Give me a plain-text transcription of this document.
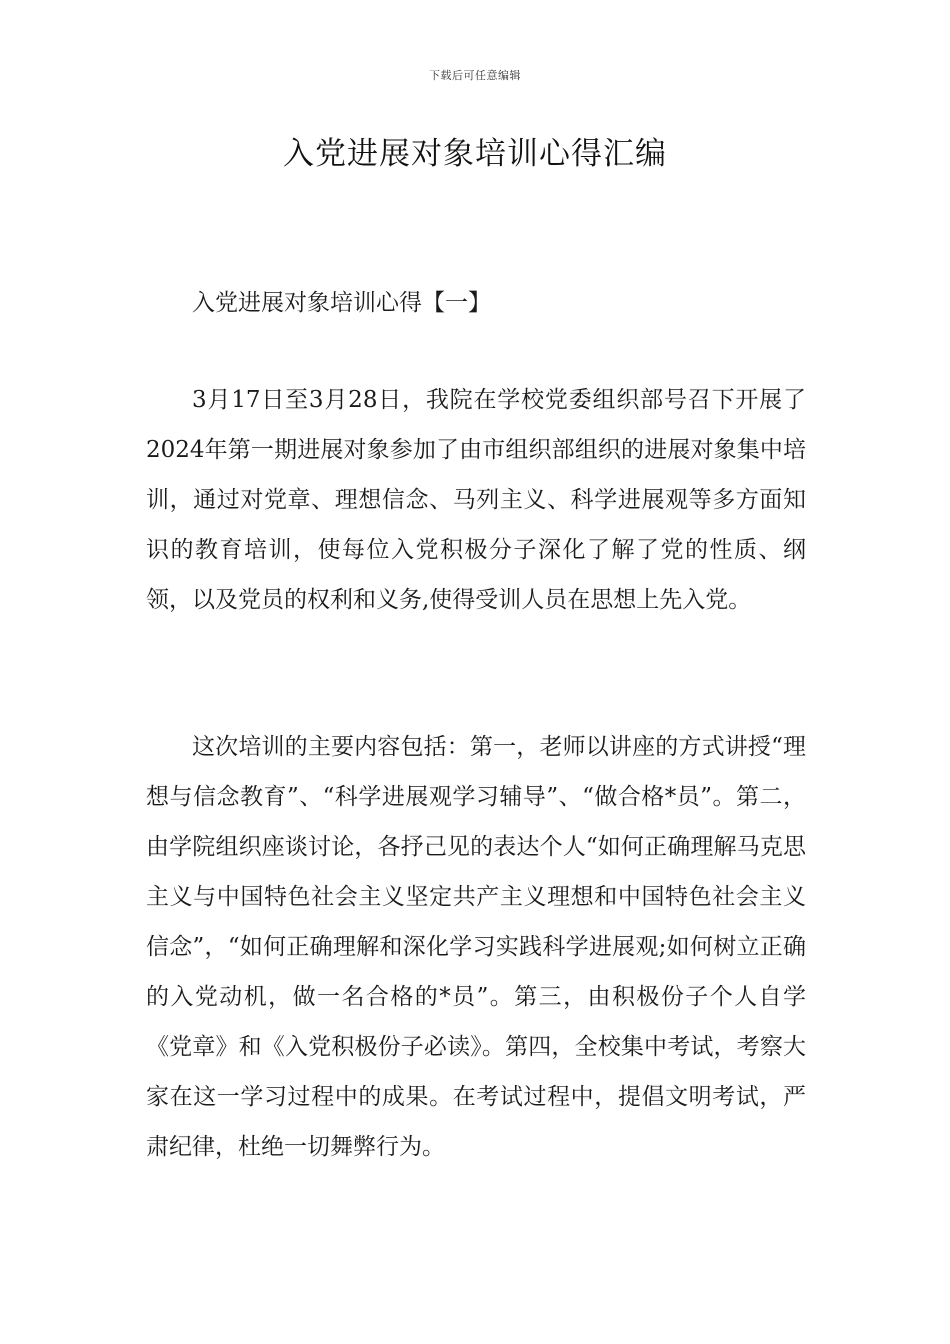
下载后可任意编辑
入党进展对象培训心得汇编

入党进展对象培训心得【一】

3月17日至3月28日，我院在学校党委组织部号召下开展了2024年第一期进展对象参加了由市组织部组织的进展对象集中培训，通过对党章、理想信念、马列主义、科学进展观等多方面知识的教育培训，使每位入党积极分子深化了解了党的性质、纲领，以及党员的权利和义务,使得受训人员在思想上先入党。

这次培训的主要内容包括：第一，老师以讲座的方式讲授“理想与信念教育”、“科学进展观学习辅导”、“做合格*员”。第二，由学院组织座谈讨论，各抒己见的表达个人“如何正确理解马克思主义与中国特色社会主义坚定共产主义理想和中国特色社会主义信念”，“如何正确理解和深化学习实践科学进展观;如何树立正确的入党动机，做一名合格的*员”。第三，由积极份子个人自学《党章》和《入党积极份子必读》。第四，全校集中考试，考察大家在这一学习过程中的成果。在考试过程中，提倡文明考试，严肃纪律，杜绝一切舞弊行为。
